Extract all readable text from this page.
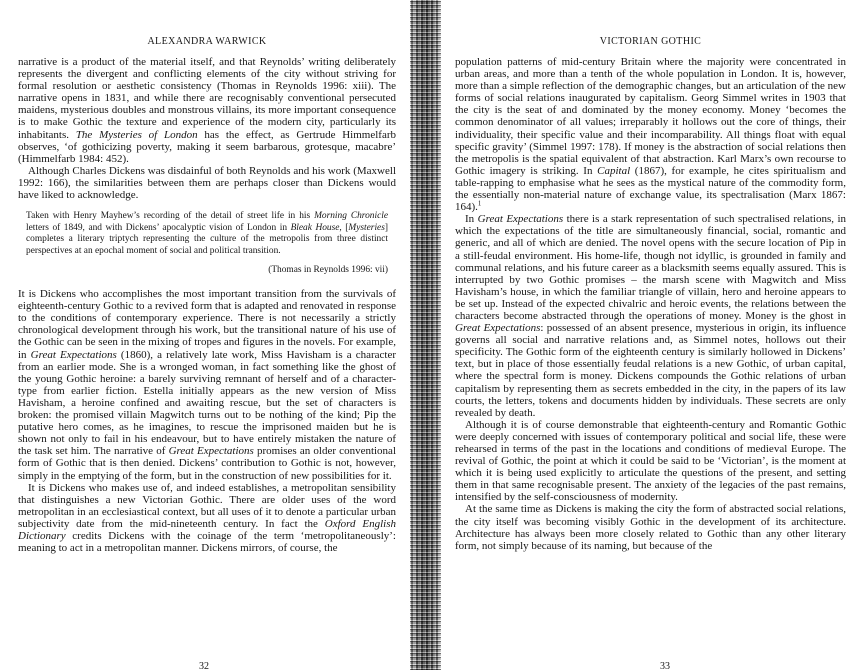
ALEXANDRA WARWICK

narrative is a product of the material itself, and that Reynolds’ writing deliberately represents the divergent and conflicting elements of the city without striving for formal resolution or aesthetic consistency (Thomas in Reynolds 1996: xiii). The narrative opens in 1831, and while there are recognisably conventional persecuted maidens, mysterious doubles and monstrous villains, its more important consequence is to make Gothic the texture and experience of the modern city, particularly its inhabitants. The Mysteries of London has the effect, as Gertrude Himmelfarb observes, ‘of gothicizing poverty, making it seem barbarous, grotesque, macabre’ (Himmelfarb 1984: 452).

Although Charles Dickens was disdainful of both Reynolds and his work (Maxwell 1992: 166), the similarities between them are perhaps closer than Dickens would have liked to acknowledge.

Taken with Henry Mayhew’s recording of the detail of street life in his Morning Chronicle letters of 1849, and with Dickens’ apocalyptic vision of London in Bleak House, [Mysteries] completes a literary triptych representing the culture of the metropolis from three distinct perspectives at an epochal moment of social and political transition.

(Thomas in Reynolds 1996: vii)

It is Dickens who accomplishes the most important transition from the survivals of eighteenth-century Gothic to a revived form that is adapted and renovated in response to the conditions of contemporary experience. There is not necessarily a strictly chronological development through his work, but the transitional nature of his use of the Gothic can be seen in the mixing of tropes and figures in the novels. For example, in Great Expectations (1860), a relatively late work, Miss Havisham is a character from an earlier mode. She is a wronged woman, in fact something like the ghost of the young Gothic heroine: a barely surviving remnant of herself and of a character-type from earlier fiction. Estella initially appears as the new version of Miss Havisham, a heroine confined and awaiting rescue, but the set of characters is broken: the promised villain Magwitch turns out to be nothing of the kind; Pip the putative hero comes, as he imagines, to rescue the imprisoned maiden but he is shown not only to fail in his endeavour, but to have entirely mistaken the nature of the task set him. The narrative of Great Expectations promises an older conventional form of Gothic that is then denied. Dickens’ contribution to Gothic is not, however, simply in the emptying of the form, but in the construction of new possibilities for it.

It is Dickens who makes use of, and indeed establishes, a metropolitan sensibility that distinguishes a new Victorian Gothic. There are older uses of the word metropolitan in an ecclesiastical context, but all uses of it to denote a particular urban subjectivity date from the mid-nineteenth century. In fact the Oxford English Dictionary credits Dickens with the coinage of the term ‘metropolitaneously’: meaning to act in a metropolitan manner. Dickens mirrors, of course, the

32
VICTORIAN GOTHIC

population patterns of mid-century Britain where the majority were concentrated in urban areas, and more than a tenth of the whole population in London. It is, however, more than a simple reflection of the demographic changes, but an articulation of the new forms of social relations inaugurated by capitalism. Georg Simmel writes in 1903 that the city is the seat of and dominated by the money economy. Money ‘becomes the common denominator of all values; irreparably it hollows out the core of things, their individuality, their specific value and their incomparability. All things float with equal specific gravity’ (Simmel 1997: 178). If money is the abstraction of social relations then the metropolis is the spatial equivalent of that abstraction. Karl Marx’s own recourse to Gothic imagery is striking. In Capital (1867), for example, he cites spiritualism and table-rapping to emphasise what he sees as the mystical nature of the commodity form, the essentially non-material nature of exchange value, its spectralisation (Marx 1867: 164).$^1$

In Great Expectations there is a stark representation of such spectralised relations, in which the expectations of the title are simultaneously financial, social, romantic and generic, and all of which are denied. The novel opens with the secure location of Pip in a still-feudal environment. His home-life, though not idyllic, is grounded in family and communal relations, and his future career as a blacksmith seems equally assured. This is interrupted by two Gothic promises – the marsh scene with Magwitch and Miss Havisham’s house, in which the familiar triangle of villain, hero and heroine appears to be set up. Instead of the expected chivalric and heroic events, the relations between the characters become abstracted through the operations of money. Money is the ghost in Great Expectations: possessed of an absent presence, mysterious in origin, its influence governs all social and narrative relations and, as Simmel notes, hollows out their specificity. The Gothic form of the eighteenth century is similarly hollowed in Dickens’ text, but in place of those essentially feudal relations is a new Gothic, of urban capital, where the spectral form is money. Dickens compounds the Gothic relations of urban capitalism by representing them as secrets embedded in the city, in the papers of its law courts, the letters, tokens and documents hidden by individuals. These secrets are only revealed by death.

Although it is of course demonstrable that eighteenth-century and Romantic Gothic were deeply concerned with issues of contemporary political and social life, these were rehearsed in terms of the past in the locations and conditions of medieval Europe. The revival of Gothic, the point at which it could be said to be ‘Victorian’, is the moment at which it is being used explicitly to articulate the questions of the present, and setting them in that same recognisable present. The anxiety of the legacies of the past remains, intensified by the self-consciousness of modernity.

At the same time as Dickens is making the city the form of abstracted social relations, the city itself was becoming visibly Gothic in the development of its architecture. Architecture has always been more closely related to Gothic than any other literary form, not simply because of its naming, but because of the

33
